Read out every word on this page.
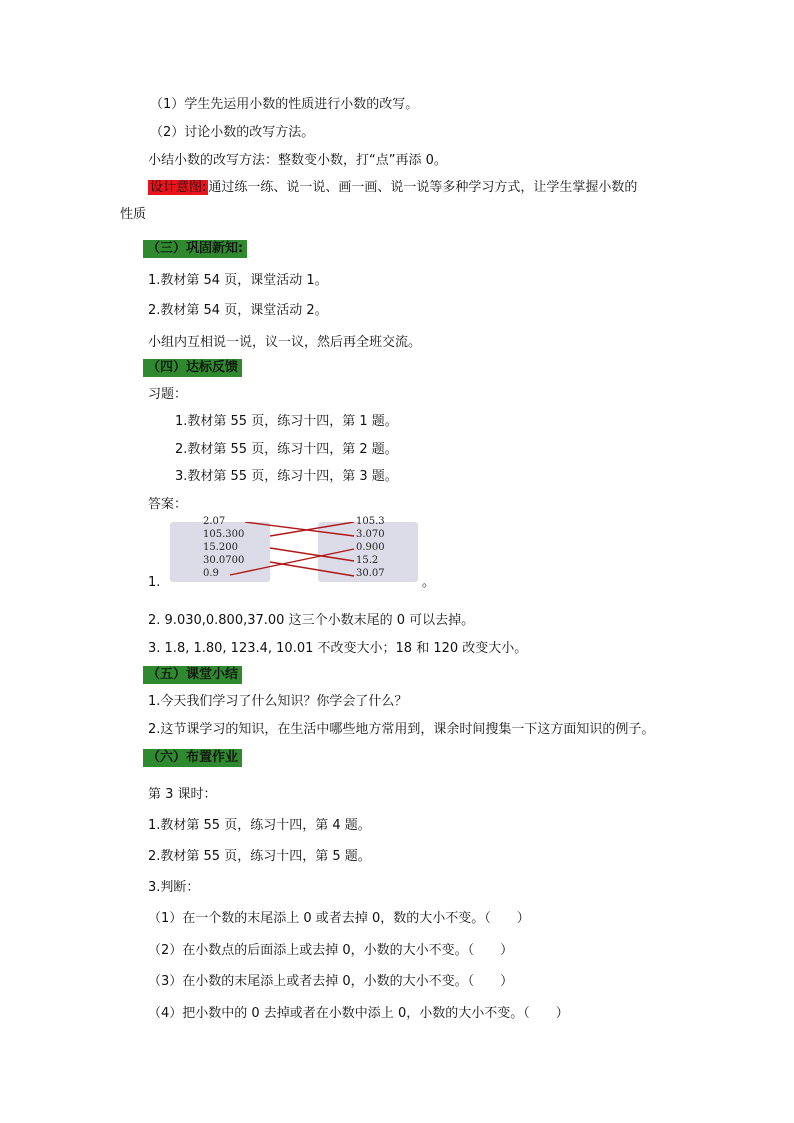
（1）学生先运用小数的性质进行小数的改写。
（2）讨论小数的改写方法。
小结小数的改写方法：整数变小数，打“点”再添 0。
设计意图: 通过练一练、说一说、画一画、说一说等多种学习方式，让学生掌握小数的
性质
（三）巩固新知:
1.教材第 54 页，课堂活动 1。
2.教材第 54 页，课堂活动 2。
小组内互相说一说，议一议，然后再全班交流。
（四）达标反馈
习题：
1.教材第 55 页，练习十四，第 1 题。
2.教材第 55 页，练习十四，第 2 题。
3.教材第 55 页，练习十四，第 3 题。
答案：
2.07
105.300
15.200
30.0700
0.9
105.3
3.070
0.900
15.2
30.07
1.	。
2. 9.030,0.800,37.00 这三个小数末尾的 0 可以去掉。
3. 1.8, 1.80, 123.4, 10.01 不改变大小；18 和 120 改变大小。
（五）课堂小结
1.今天我们学习了什么知识？你学会了什么？
2.这节课学习的知识，在生活中哪些地方常用到，课余时间搜集一下这方面知识的例子。
（六）布置作业
第 3 课时：
1.教材第 55 页，练习十四，第 4 题。
2.教材第 55 页，练习十四，第 5 题。
3.判断：
（1）在一个数的末尾添上 0 或者去掉 0，数的大小不变。（　　）
（2）在小数点的后面添上或去掉 0，小数的大小不变。（　　）
（3）在小数的末尾添上或者去掉 0，小数的大小不变。（　　）
（4）把小数中的 0 去掉或者在小数中添上 0，小数的大小不变。（　　）
